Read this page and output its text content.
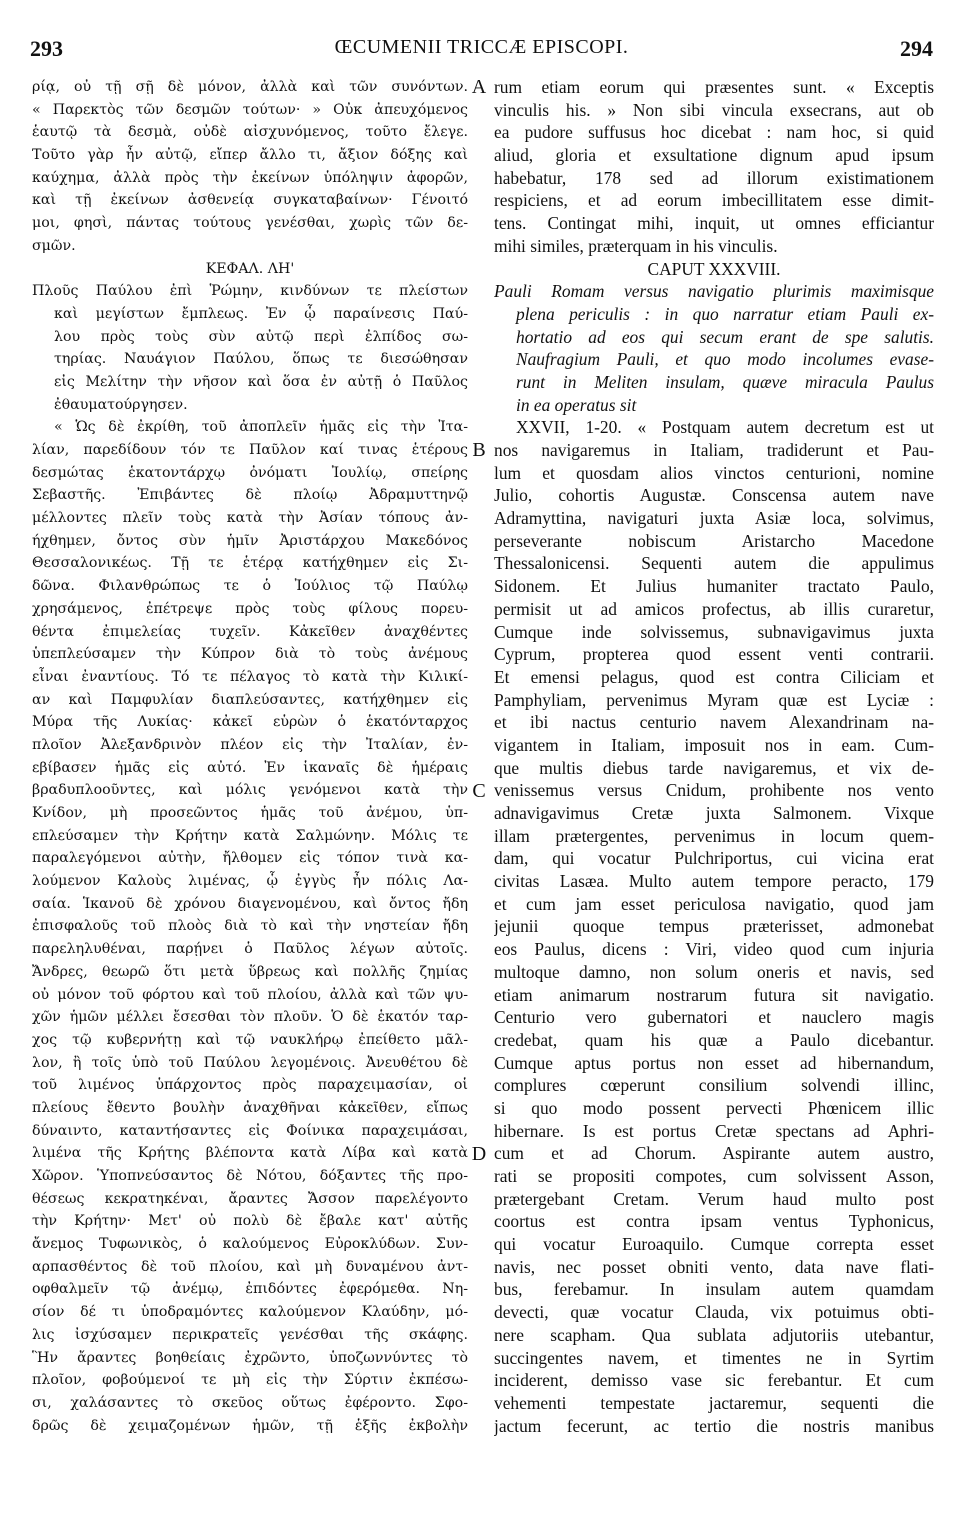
293	ŒCUMENII TRICCÆ EPISCOPI.	294
ρίᾳ, οὐ τῇ σῇ δὲ μόνον, ἀλλὰ καὶ τῶν συνόντων.
« Παρεκτὸς τῶν δεσμῶν τούτων· » Οὐκ ἀπευχόμενος
ἑαυτῷ τὰ δεσμὰ, οὐδὲ αἰσχυνόμενος, τοῦτο ἔλεγε.
Τοῦτο γὰρ ἦν αὐτῷ, εἴπερ ἄλλο τι, ἄξιον δόξης καὶ
καύχημα, ἀλλὰ πρὸς τὴν ἐκείνων ὑπόληψιν ἀφορῶν,
καὶ τῇ ἐκείνων ἀσθενείᾳ συγκαταβαίνων· Γένοιτό
μοι, φησὶ, πάντας τούτους γενέσθαι, χωρὶς τῶν δε-
σμῶν.
ΚΕΦΑΛ. ΛΗ'
Πλοῦς Παύλου ἐπὶ Ῥώμην, κινδύνων τε πλείστων
καὶ μεγίστων ἔμπλεως. Ἐν ᾧ παραίνεσις Παύ-
λου πρὸς τοὺς σὺν αὐτῷ περὶ ἐλπίδος σω-
τηρίας. Ναυάγιον Παύλου, ὅπως τε διεσώθησαν
εἰς Μελίτην τὴν νῆσον καὶ ὅσα ἐν αὐτῇ ὁ Παῦλος
ἐθαυματούργησεν.
« Ὡς δὲ ἐκρίθη, τοῦ ἀποπλεῖν ἡμᾶς εἰς τὴν Ἰτα-
λίαν, παρεδίδουν τόν τε Παῦλον καί τινας ἑτέρους
δεσμώτας ἑκατοντάρχῳ ὀνόματι Ἰουλίῳ, σπείρης
Σεβαστῆς. Ἐπιβάντες δὲ πλοίῳ Ἀδραμυττηνῷ
μέλλοντες πλεῖν τοὺς κατὰ τὴν Ἀσίαν τόπους ἀν-
ήχθημεν, ὄντος σὺν ἡμῖν Ἀριστάρχου Μακεδόνος
Θεσσαλονικέως. Τῇ τε ἑτέρᾳ κατήχθημεν εἰς Σι-
δῶνα. Φιλανθρώπως τε ὁ Ἰούλιος τῷ Παύλῳ
χρησάμενος, ἐπέτρεψε πρὸς τοὺς φίλους πορευ-
θέντα ἐπιμελείας τυχεῖν. Κἀκεῖθεν ἀναχθέντες
ὑπεπλεύσαμεν τὴν Κύπρον διὰ τὸ τοὺς ἀνέμους
εἶναι ἐναντίους. Τό τε πέλαγος τὸ κατὰ τὴν Κιλικί-
αν καὶ Παμφυλίαν διαπλεύσαντες, κατήχθημεν εἰς
Μύρα τῆς Λυκίας· κἀκεῖ εὑρὼν ὁ ἑκατόνταρχος
πλοῖον Ἀλεξανδρινὸν πλέον εἰς τὴν Ἰταλίαν, ἐν-
εβίβασεν ἡμᾶς εἰς αὐτό. Ἐν ἱκαναῖς δὲ ἡμέραις
βραδυπλοοῦντες, καὶ μόλις γενόμενοι κατὰ τὴν
Κνίδον, μὴ προσεῶντος ἡμᾶς τοῦ ἀνέμου, ὑπ-
επλεύσαμεν τὴν Κρήτην κατὰ Σαλμώνην. Μόλις τε
παραλεγόμενοι αὐτὴν, ἤλθομεν εἰς τόπον τινὰ κα-
λούμενον Καλοὺς λιμένας, ᾧ ἐγγὺς ἦν πόλις Λα-
σαία. Ἱκανοῦ δὲ χρόνου διαγενομένου, καὶ ὄντος ἤδη
ἐπισφαλοῦς τοῦ πλοὸς διὰ τὸ καὶ τὴν νηστείαν ἤδη
παρεληλυθέναι, παρῄνει ὁ Παῦλος λέγων αὐτοῖς.
Ἄνδρες, θεωρῶ ὅτι μετὰ ὕβρεως καὶ πολλῆς ζημίας
οὐ μόνον τοῦ φόρτου καὶ τοῦ πλοίου, ἀλλὰ καὶ τῶν ψυ-
χῶν ἡμῶν μέλλει ἔσεσθαι τὸν πλοῦν. Ὁ δὲ ἑκατόν ταρ-
χος τῷ κυβερνήτῃ καὶ τῷ ναυκλήρῳ ἐπείθετο μᾶλ-
λον, ἢ τοῖς ὑπὸ τοῦ Παύλου λεγομένοις. Ἀνευθέτου δὲ
τοῦ λιμένος ὑπάρχοντος πρὸς παραχειμασίαν, οἱ
πλείους ἔθεντο βουλὴν ἀναχθῆναι κἀκεῖθεν, εἴπως
δύναιντο, καταντήσαντες εἰς Φοίνικα παραχειμάσαι,
λιμένα τῆς Κρήτης βλέποντα κατὰ Λίβα καὶ κατὰ
Χῶρον. Ὑποπνεύσαντος δὲ Νότου, δόξαντες τῆς προ-
θέσεως κεκρατηκέναι, ἄραντες Ἄσσον παρελέγοντο
τὴν Κρήτην· Μετ' οὐ πολὺ δὲ ἔβαλε κατ' αὐτῆς
ἄνεμος Τυφωνικὸς, ὁ καλούμενος Εὐροκλύδων. Συν-
αρπασθέντος δὲ τοῦ πλοίου, καὶ μὴ δυναμένου ἀντ-
οφθαλμεῖν τῷ ἀνέμῳ, ἐπιδόντες ἐφερόμεθα. Νη-
σίον δέ τι ὑποδραμόντες καλούμενον Κλαύδην, μό-
λις ἰσχύσαμεν περικρατεῖς γενέσθαι τῆς σκάφης.
Ἣν ἄραντες βοηθείαις ἐχρῶντο, ὑποζωννύντες τὸ
πλοῖον, φοβούμενοί τε μὴ εἰς τὴν Σύρτιν ἐκπέσω-
σι, χαλάσαντες τὸ σκεῦος οὕτως ἐφέροντο. Σφο-
δρῶς δὲ χειμαζομένων ἡμῶν, τῇ ἑξῆς ἐκβολὴν
A
B
C
D
rum etiam eorum qui præsentes sunt. « Exceptis
vinculis his. » Non sibi vincula exsecrans, aut ob
ea pudore suffusus hoc dicebat : nam hoc, si quid
aliud, gloria et exsultatione dignum apud ipsum
habebatur, 178 sed ad illorum existimationem
respiciens, et ad eorum imbecillitatem esse dimit-
tens. Contingat mihi, inquit, ut omnes efficiantur
mihi similes, præterquam in his vinculis.
CAPUT XXXVIII.
Pauli Romam versus navigatio plurimis maximisque
plena periculis : in quo narratur etiam Pauli ex-
hortatio ad eos qui secum erant de spe salutis.
Naufragium Pauli, et quo modo incolumes evase-
runt in Meliten insulam, quæve miracula Paulus
in ea operatus sit
XXVII, 1-20. « Postquam autem decretum est ut
nos navigaremus in Italiam, tradiderunt et Pau-
lum et quosdam alios vinctos centurioni, nomine
Julio, cohortis Augustæ. Conscensa autem nave
Adramyttina, navigaturi juxta Asiæ loca, solvimus,
perseverante nobiscum Aristarcho Macedone
Thessalonicensi. Sequenti autem die appulimus
Sidonem. Et Julius humaniter tractato Paulo,
permisit ut ad amicos profectus, ab illis curaretur,
Cumque inde solvissemus, subnavigavimus juxta
Cyprum, propterea quod essent venti contrarii.
Et emensi pelagus, quod est contra Ciliciam et
Pamphyliam, pervenimus Myram quæ est Lyciæ :
et ibi nactus centurio navem Alexandrinam na-
vigantem in Italiam, imposuit nos in eam. Cum-
que multis diebus tarde navigaremus, et vix de-
venissemus versus Cnidum, prohibente nos vento
adnavigavimus Cretæ juxta Salmonem. Vixque
illam prætergentes, pervenimus in locum quem-
dam, qui vocatur Pulchriportus, cui vicina erat
civitas Lasæa. Multo autem tempore peracto, 179
et cum jam esset periculosa navigatio, quod jam
jejunii quoque tempus præterisset, admonebat
eos Paulus, dicens : Viri, video quod cum injuria
multoque damno, non solum oneris et navis, sed
etiam animarum nostrarum futura sit navigatio.
Centurio vero gubernatori et nauclero magis
credebat, quam his quæ a Paulo dicebantur.
Cumque aptus portus non esset ad hibernandum,
complures cœperunt consilium solvendi illinc,
si quo modo possent pervecti Phœnicem illic
hibernare. Is est portus Cretæ spectans ad Aphri-
cum et ad Chorum. Aspirante autem austro,
rati se propositi compotes, cum solvissent Asson,
prætergebant Cretam. Verum haud multo post
coortus est contra ipsam ventus Typhonicus,
qui vocatur Euroaquilo. Cumque correpta esset
navis, nec posset obniti vento, data nave flati-
bus, ferebamur. In insulam autem quamdam
devecti, quæ vocatur Clauda, vix potuimus obti-
nere scapham. Qua sublata adjutoriis utebantur,
succingentes navem, et timentes ne in Syrtim
inciderent, demisso vase sic ferebantur. Et cum
vehementi tempestate jactaremur, sequenti die
jactum fecerunt, ac tertio die nostris manibus
